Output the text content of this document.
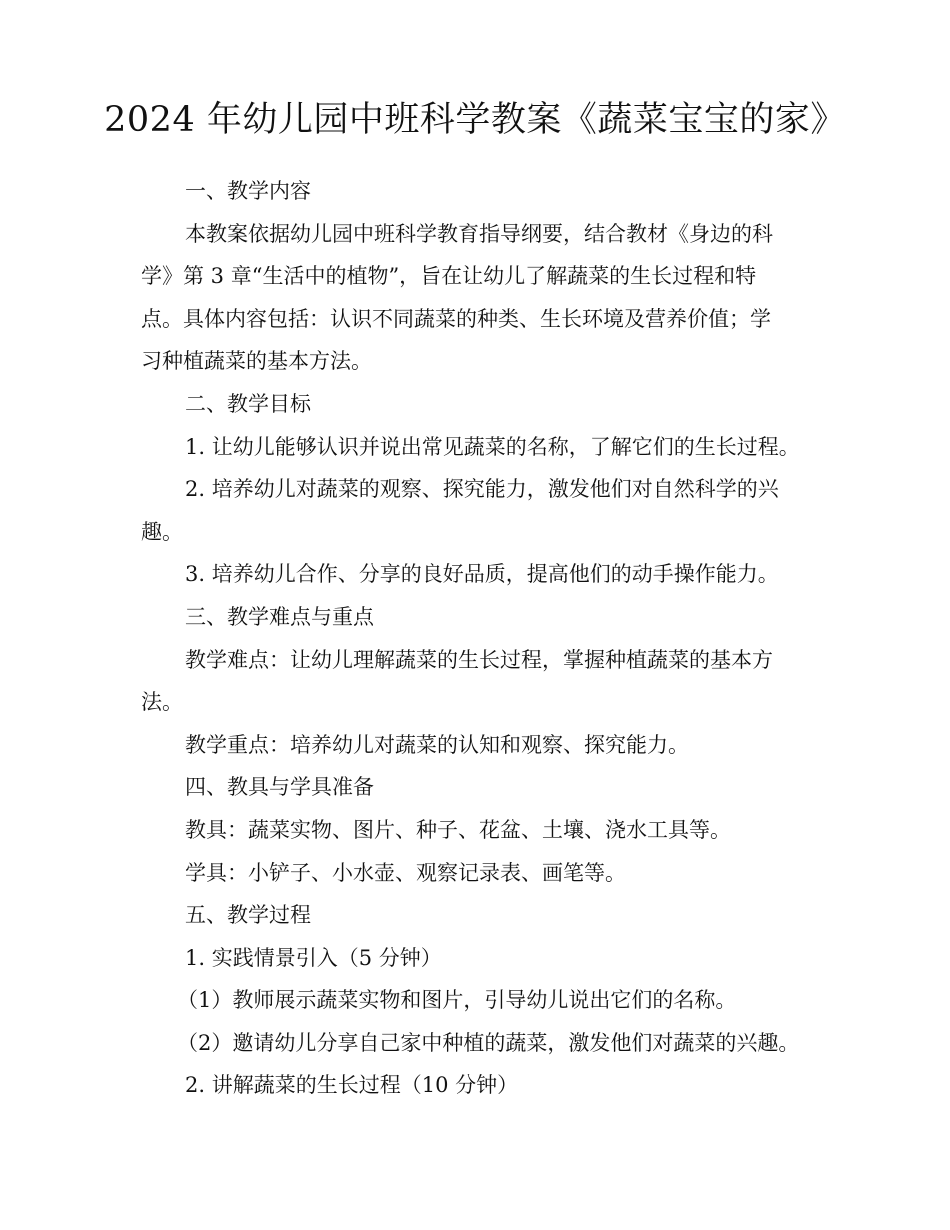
2024 年幼儿园中班科学教案《蔬菜宝宝的家》
一、教学内容
本教案依据幼儿园中班科学教育指导纲要，结合教材《身边的科
学》第 3 章“生活中的植物”，旨在让幼儿了解蔬菜的生长过程和特
点。具体内容包括：认识不同蔬菜的种类、生长环境及营养价值；学
习种植蔬菜的基本方法。
二、教学目标
1. 让幼儿能够认识并说出常见蔬菜的名称，了解它们的生长过程。
2. 培养幼儿对蔬菜的观察、探究能力，激发他们对自然科学的兴
趣。
3. 培养幼儿合作、分享的良好品质，提高他们的动手操作能力。
三、教学难点与重点
教学难点：让幼儿理解蔬菜的生长过程，掌握种植蔬菜的基本方
法。
教学重点：培养幼儿对蔬菜的认知和观察、探究能力。
四、教具与学具准备
教具：蔬菜实物、图片、种子、花盆、土壤、浇水工具等。
学具：小铲子、小水壶、观察记录表、画笔等。
五、教学过程
1. 实践情景引入（5 分钟）
（1）教师展示蔬菜实物和图片，引导幼儿说出它们的名称。
（2）邀请幼儿分享自己家中种植的蔬菜，激发他们对蔬菜的兴趣。
2. 讲解蔬菜的生长过程（10 分钟）
